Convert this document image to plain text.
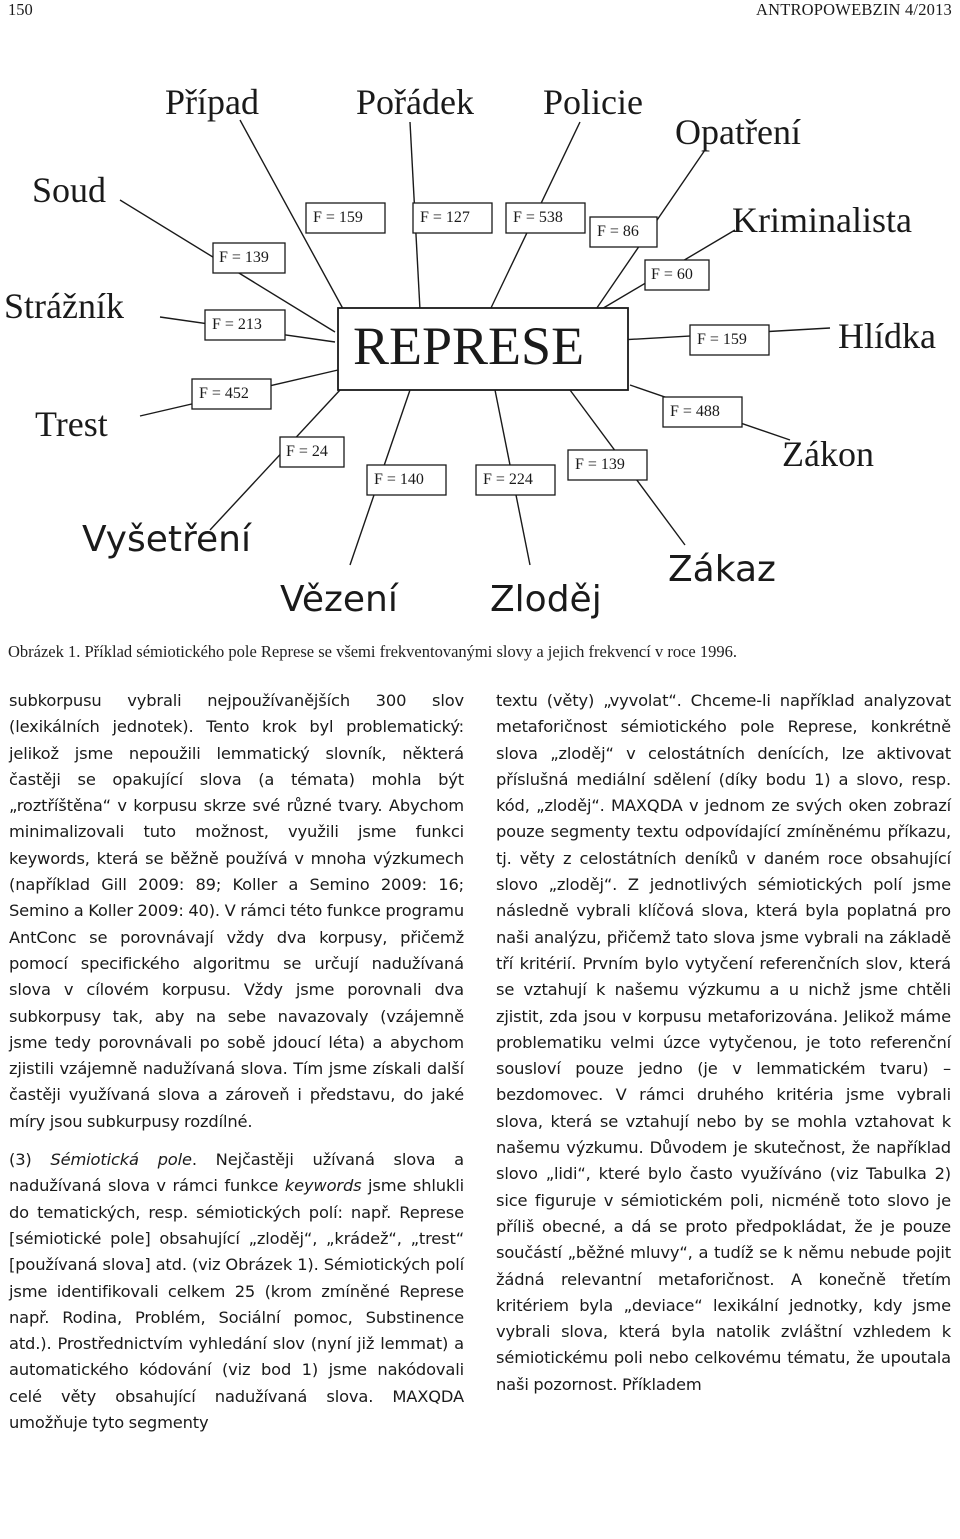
150	ANTROPOWEBZIN 4/2013
REPRESE
Případ	Pořádek Policie
Opatření
Soud
Kriminalista
Strážník
Hlídka
Trest
Zákon
Vyšetření
Zákaz
Vězení	Zloděj
F = 159	F = 127	F = 538
F = 86
F = 139
F = 60
F = 213
F = 159
F = 452
F = 488
F = 24
F = 139
F = 140	F = 224
Obrázek 1. Příklad sémiotického pole Represe se všemi frekventovanými slovy a jejich frekvencí v roce 1996.

subkorpusu vybrali nejpoužívanějších 300 slov (lexikálních jednotek). Tento krok byl problematický: jelikož jsme nepoužili lemmatický slovník, některá častěji se opakující slova (a témata) mohla být „roztříštěna“ v korpusu skrze své různé tvary. Abychom minimalizovali tuto možnost, využili jsme funkci keywords, která se běžně používá v mnoha výzkumech (například Gill 2009: 89; Koller a Semino 2009: 16; Semino a Koller 2009: 40). V rámci této funkce programu AntConc se porovnávají vždy dva korpusy, přičemž pomocí specifického algoritmu se určují nadužívaná slova v cílovém korpusu. Vždy jsme porovnali dva subkorpusy tak, aby na sebe navazovaly (vzájemně jsme tedy porovnávali po sobě jdoucí léta) a abychom zjistili vzájemně nadužívaná slova. Tím jsme získali další častěji využívaná slova a zároveň i představu, do jaké míry jsou subkurpusy rozdílné.

(3) Sémiotická pole. Nejčastěji užívaná slova a nadužívaná slova v rámci funkce keywords jsme shlukli do tematických, resp. sémiotických polí: např. Represe [sémiotické pole] obsahující „zloděj“, „krádež“, „trest“ [používaná slova] atd. (viz Obrázek 1). Sémiotických polí jsme identifikovali celkem 25 (krom zmíněné Represe např. Rodina, Problém, Sociální pomoc, Substinence atd.). Prostřednictvím vyhledání slov (nyní již lemmat) a automatického kódování (viz bod 1) jsme nakódovali celé věty obsahující nadužívaná slova. MAXQDA umožňuje tyto segmenty

textu (věty) „vyvolat“. Chceme-li například analyzovat metaforičnost sémiotického pole Represe, konkrétně slova „zloděj“ v celostátních denících, lze aktivovat příslušná mediální sdělení (díky bodu 1) a slovo, resp. kód, „zloděj“. MAXQDA v jednom ze svých oken zobrazí pouze segmenty textu odpovídající zmíněnému příkazu, tj. věty z celostátních deníků v daném roce obsahující slovo „zloděj“. Z jednotlivých sémiotických polí jsme následně vybrali klíčová slova, která byla poplatná pro naši analýzu, přičemž tato slova jsme vybrali na základě tří kritérií. Prvním bylo vytyčení referenčních slov, která se vztahují k našemu výzkumu a u nichž jsme chtěli zjistit, zda jsou v korpusu metaforizována. Jelikož máme problematiku velmi úzce vytyčenou, je toto referenční sousloví pouze jedno (je v lemmatickém tvaru) – bezdomovec. V rámci druhého kritéria jsme vybrali slova, která se vztahují nebo by se mohla vztahovat k našemu výzkumu. Důvodem je skutečnost, že například slovo „lidi“, které bylo často využíváno (viz Tabulka 2) sice figuruje v sémiotickém poli, nicméně toto slovo je příliš obecné, a dá se proto předpokládat, že je pouze součástí „běžné mluvy“, a tudíž se k němu nebude pojit žádná relevantní metaforičnost. A konečně třetím kritériem byla „deviace“ lexikální jednotky, kdy jsme vybrali slova, která byla natolik zvláštní vzhledem k sémiotickému poli nebo celkovému tématu, že upoutala naši pozornost. Příkladem
